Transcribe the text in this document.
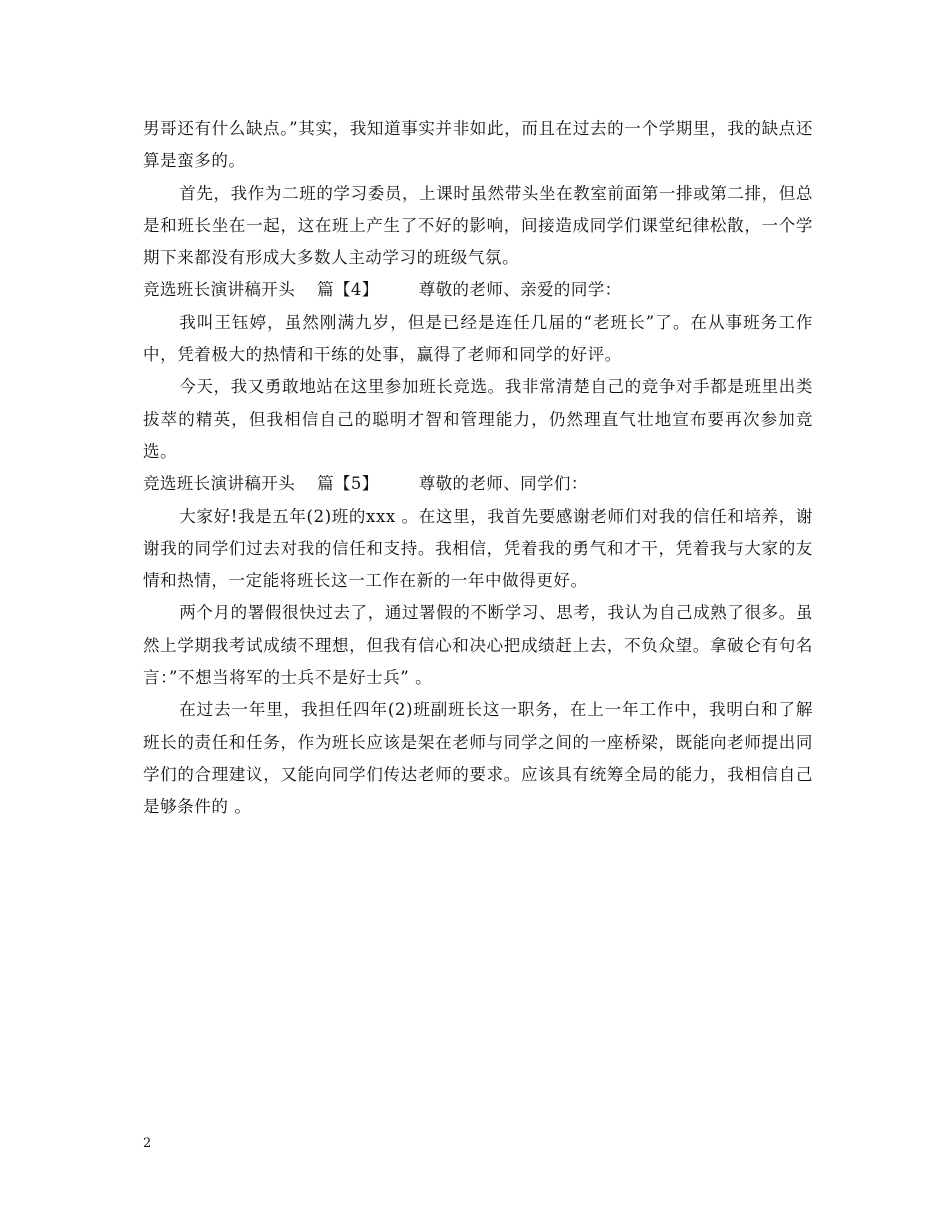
男哥还有什么缺点。”其实，我知道事实并非如此，而且在过去的一个学期里，我的缺点还算是蛮多的。

首先，我作为二班的学习委员，上课时虽然带头坐在教室前面第一排或第二排，但总是和班长坐在一起，这在班上产生了不好的影响，间接造成同学们课堂纪律松散，一个学期下来都没有形成大多数人主动学习的班级气氛。

竞选班长演讲稿开头 篇【4】 尊敬的老师、亲爱的同学：

我叫王钰婷，虽然刚满九岁，但是已经是连任几届的“老班长”了。在从事班务工作中，凭着极大的热情和干练的处事，赢得了老师和同学的好评。

今天，我又勇敢地站在这里参加班长竞选。我非常清楚自己的竞争对手都是班里出类拔萃的精英，但我相信自己的聪明才智和管理能力，仍然理直气壮地宣布要再次参加竞选。

竞选班长演讲稿开头 篇【5】 尊敬的老师、同学们：

大家好!我是五年(2)班的xxx 。在这里，我首先要感谢老师们对我的信任和培养，谢谢我的同学们过去对我的信任和支持。我相信，凭着我的勇气和才干，凭着我与大家的友情和热情，一定能将班长这一工作在新的一年中做得更好。

两个月的署假很快过去了，通过署假的不断学习、思考，我认为自己成熟了很多。虽然上学期我考试成绩不理想，但我有信心和决心把成绩赶上去，不负众望。拿破仑有句名言：”不想当将军的士兵不是好士兵” 。

在过去一年里，我担任四年(2)班副班长这一职务，在上一年工作中，我明白和了解班长的责任和任务，作为班长应该是架在老师与同学之间的一座桥梁，既能向老师提出同学们的合理建议，又能向同学们传达老师的要求。应该具有统筹全局的能力，我相信自己是够条件的 。

2
